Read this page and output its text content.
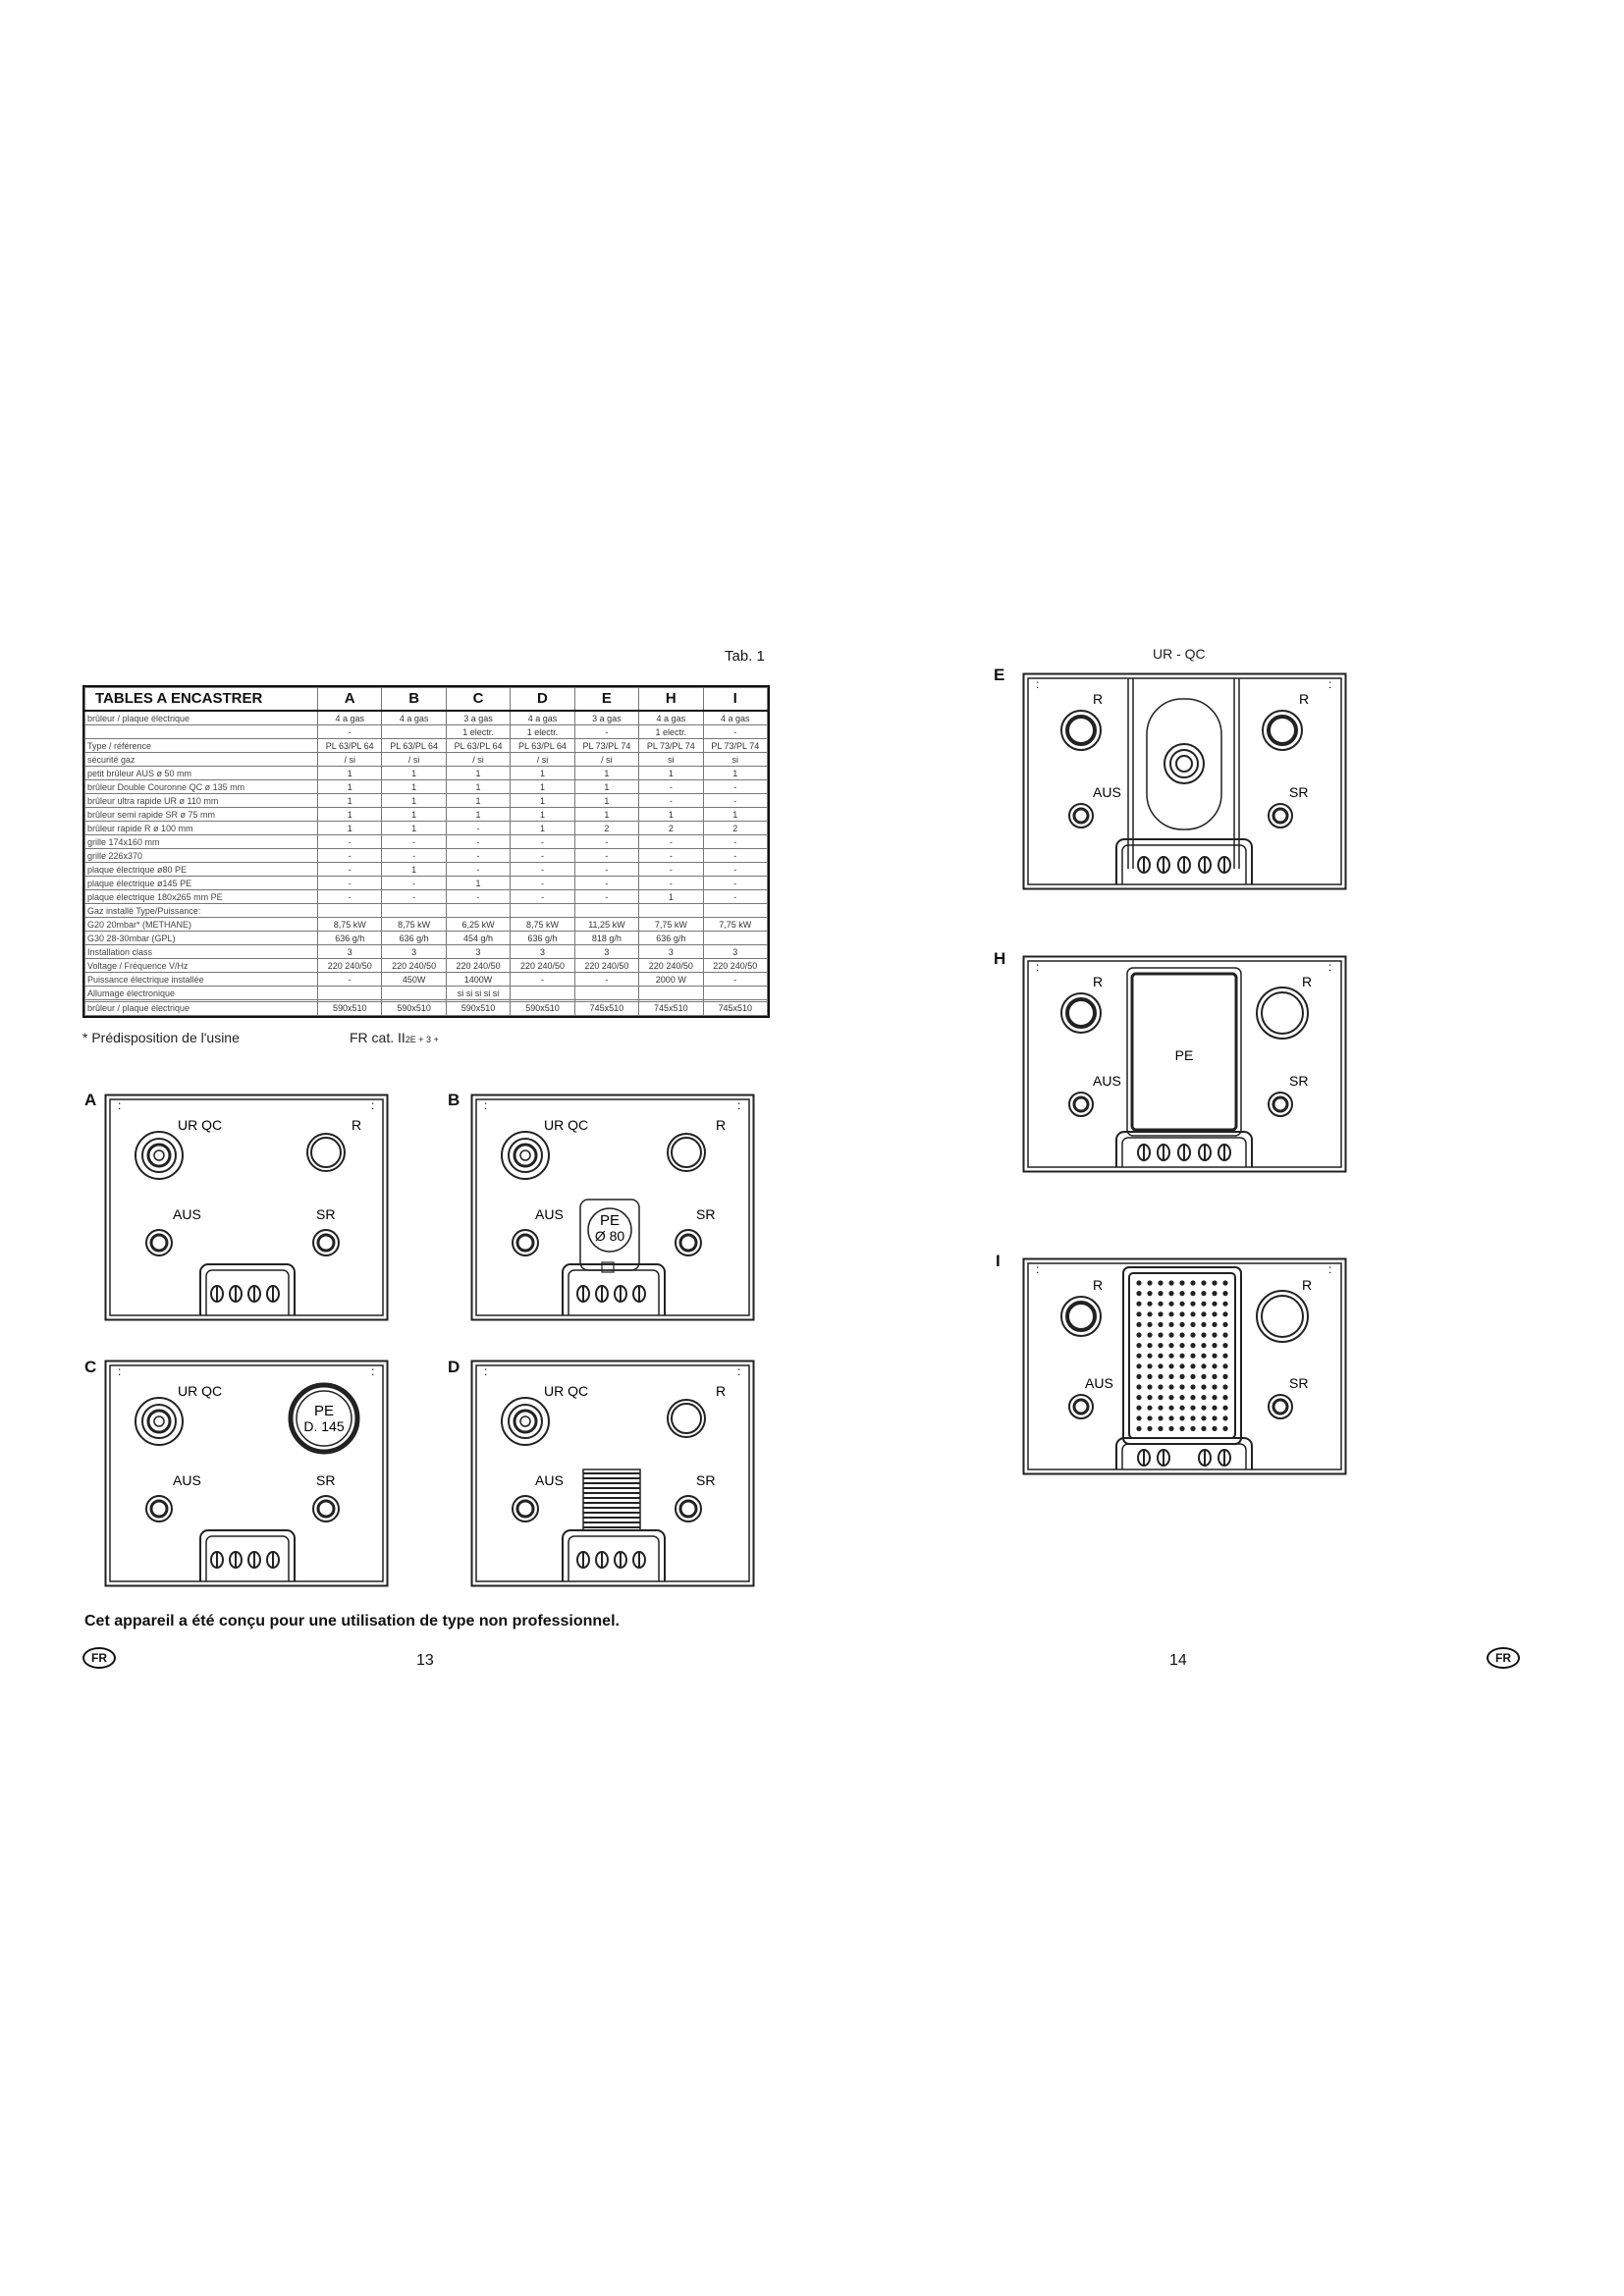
Tab. 1
TABLES A ENCASTRER	A	B	C	D	E	H	I
brûleur / plaque électrique	4 a gas	4 a gas	3 a gas	4 a gas	3 a gas	4 a gas	4 a gas
	-		1 electr.	1 electr.	-	1 electr.	-
Type / référence	PL 63/PL 64	PL 63/PL 64	PL 63/PL 64	PL 63/PL 64	PL 73/PL 74	PL 73/PL 74	PL 73/PL 74
sécurité gaz	/ si	/ si	/ si	/ si	/ si	si	si
petit brûleur AUS ø 50 mm	1	1	1	1	1	1	1
brûleur Double Couronne QC ø 135 mm	1	1	1	1	1	-	-
brûleur ultra rapide UR ø 110 mm	1	1	1	1	1	-	-
brûleur semi rapide SR ø 75 mm	1	1	1	1	1	1	1
brûleur rapide R ø 100 mm	1	1	-	1	2	2	2
grille 174x160 mm	-	-	-	-	-	-	-
grille 226x370	-	-	-	-	-	-	-
plaque électrique ø80 PE	-	1	-	-	-	-	-
plaque électrique ø145 PE	-	-	1	-	-	-	-
plaque électrique 180x265 mm PE	-	-	-	-	-	1	-
Gaz installé Type/Puissance:							
G20 20mbar* (METHANE)	8,75 kW	8,75 kW	6,25 kW	8,75 kW	11,25 kW	7,75 kW	7,75 kW
G30 28-30mbar (GPL)	636 g/h	636 g/h	454 g/h	636 g/h	818 g/h	636 g/h	
Installation class	3	3	3	3	3	3	3
Voltage / Fréquence V/Hz	220 240/50	220 240/50	220 240/50	220 240/50	220 240/50	220 240/50	220 240/50
Puissance électrique installée	-	450W	1400W	-	-	2000 W	-
Allumage électronique			si si si si si				

brûleur / plaque électrique	590x510	590x510	590x510	590x510	745x510	745x510	745x510
* Prédisposition de l'usine	FR cat. II2E + 3 +
A :	:
UR QC	R
AUS	SR
B :	:
UR QC	R
AUS	SR
PE
Ø 80
C :	:
UR QC
PE
D. 145
AUS	SR
D :	:
UR QC	R
AUS	SR
E
UR - QC
:	:
R	R
AUS	SR
H	:	:
PE
R	R
AUS	SR
I	:	:
R	R
AUS	SR
Cet appareil a été conçu pour une utilisation de type non professionnel.
FR	13	14	FR
